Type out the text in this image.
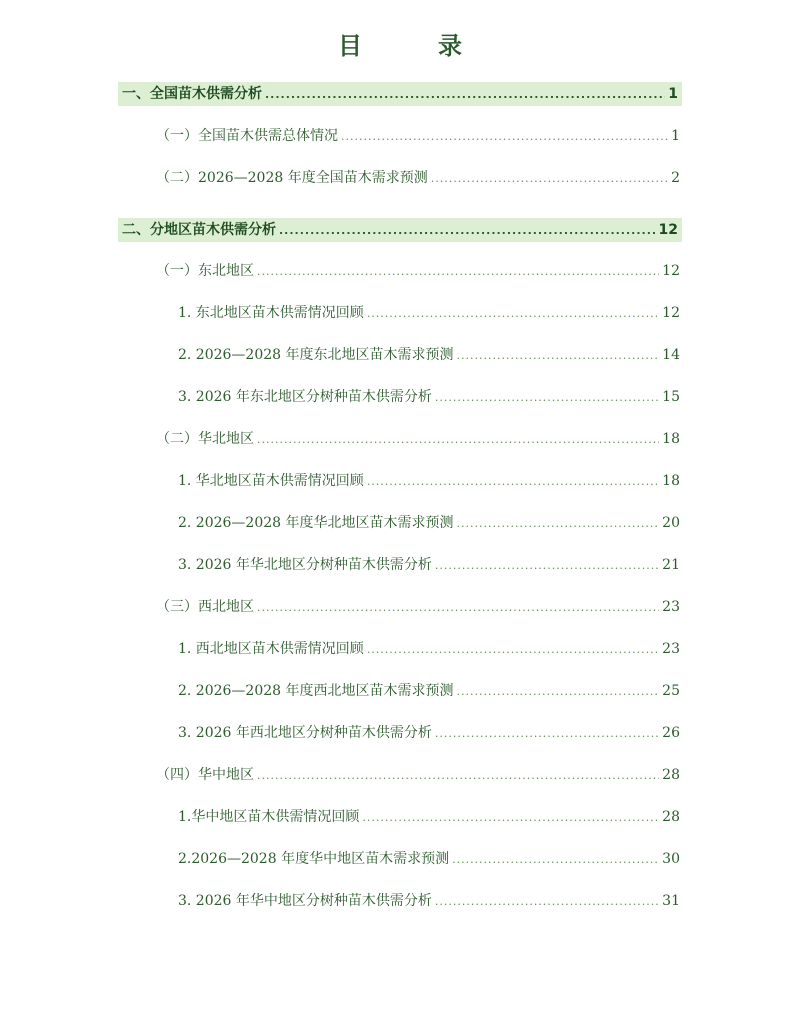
目　录
一、全国苗木供需分析 .....	1
（一）全国苗木供需总体情况 .....	1
（二）2026—2028 年度全国苗木需求预测 .....	2
二、分地区苗木供需分析 .....	12
（一）东北地区 .....	12
1. 东北地区苗木供需情况回顾 .....	12
2. 2026—2028 年度东北地区苗木需求预测 .....	14
3. 2026 年东北地区分树种苗木供需分析 .....	15
（二）华北地区 .....	18
1. 华北地区苗木供需情况回顾 .....	18
2. 2026—2028 年度华北地区苗木需求预测 .....	20
3. 2026 年华北地区分树种苗木供需分析 .....	21
（三）西北地区 .....	23
1. 西北地区苗木供需情况回顾 .....	23
2. 2026—2028 年度西北地区苗木需求预测 .....	25
3. 2026 年西北地区分树种苗木供需分析 .....	26
（四）华中地区 .....	28
1.华中地区苗木供需情况回顾 .....	28
2.2026—2028 年度华中地区苗木需求预测 .....	30
3. 2026 年华中地区分树种苗木供需分析 .....	31
